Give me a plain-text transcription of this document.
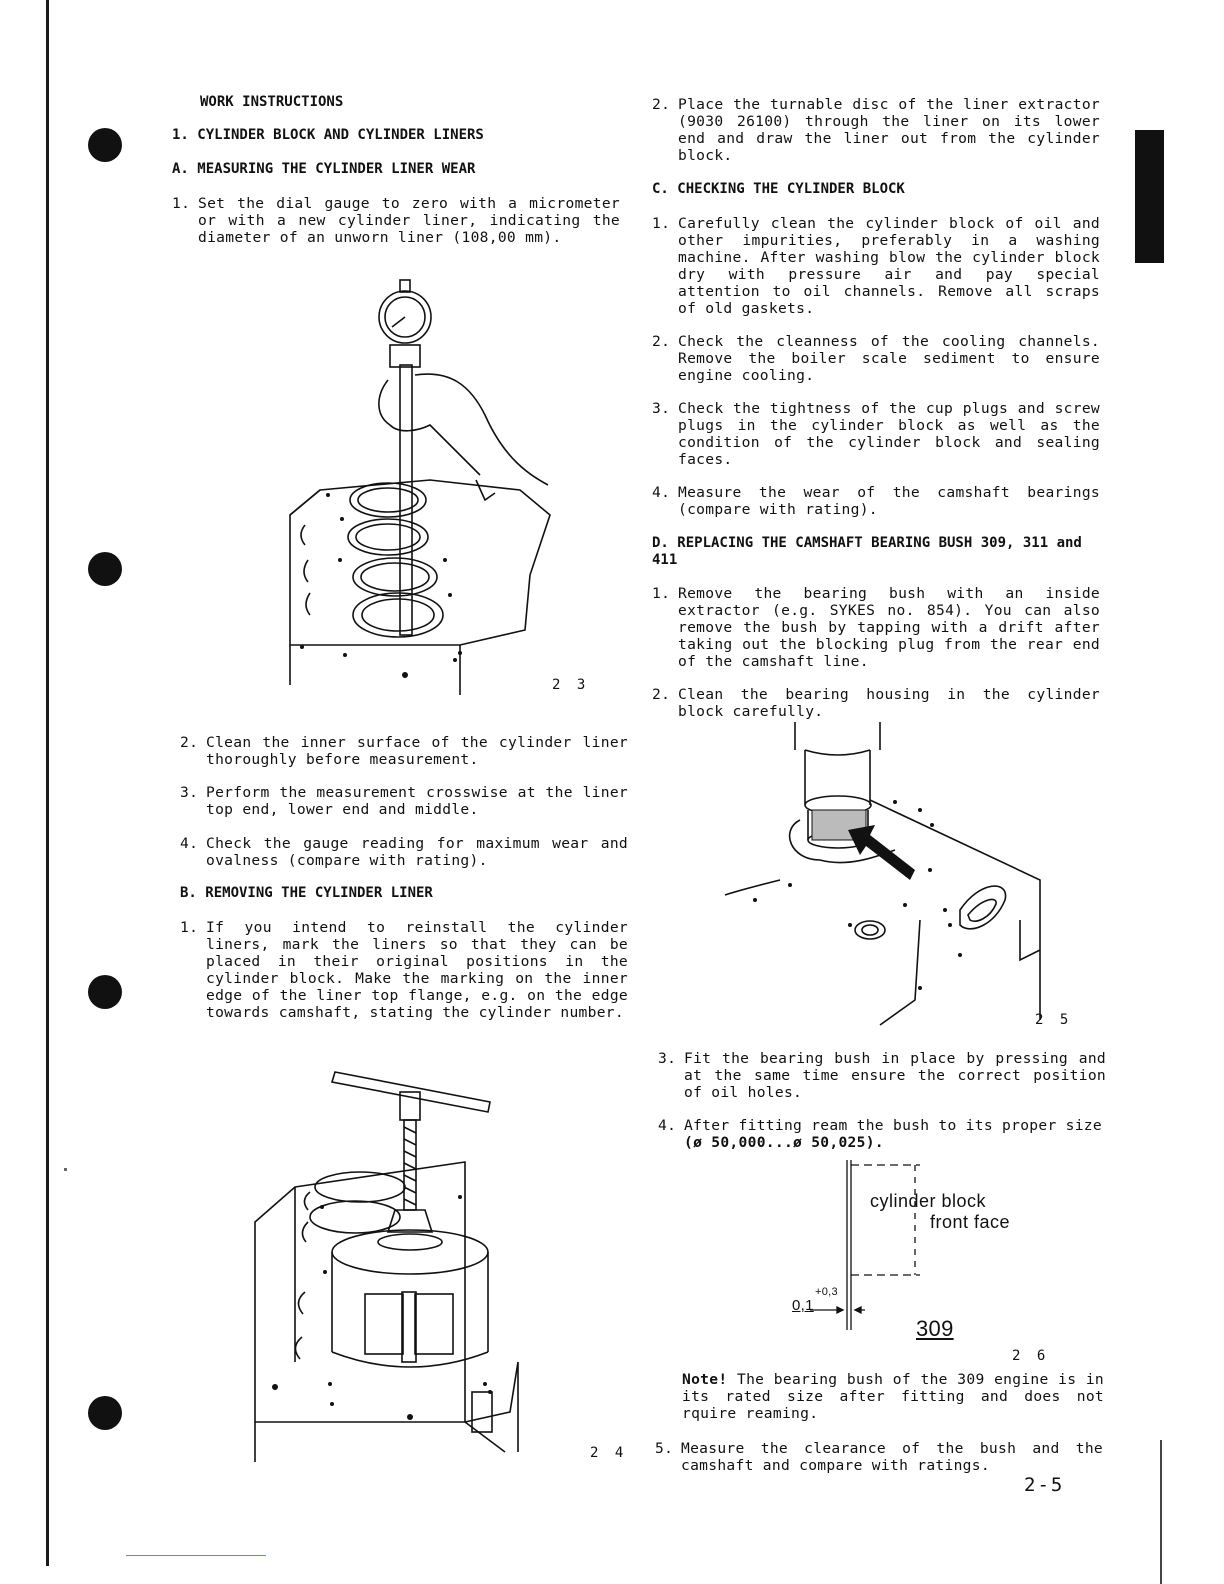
WORK INSTRUCTIONS
1. CYLINDER BLOCK AND CYLINDER LINERS
A. MEASURING THE CYLINDER LINER WEAR
1. Set the dial gauge to zero with a micrometer or with a new cylinder liner, indicating the diameter of an unworn liner (108,00 mm).
2 3
2. Clean the inner surface of the cylinder liner thoroughly before measurement.
3. Perform the measurement crosswise at the liner top end, lower end and middle.
4. Check the gauge reading for maximum wear and ovalness (compare with rating).
B. REMOVING THE CYLINDER LINER
1. If you intend to reinstall the cylinder liners, mark the liners so that they can be placed in their original positions in the cylinder block. Make the marking on the inner edge of the liner top flange, e.g. on the edge towards camshaft, stating the cylinder number.
2 4
2. Place the turnable disc of the liner extractor (9030 26100) through the liner on its lower end and draw the liner out from the cylinder block.
C. CHECKING THE CYLINDER BLOCK
1. Carefully clean the cylinder block of oil and other impurities, preferably in a washing machine. After washing blow the cylinder block dry with pressure air and pay special attention to oil channels. Remove all scraps of old gaskets.
2. Check the cleanness of the cooling channels. Remove the boiler scale sediment to ensure engine cooling.
3. Check the tightness of the cup plugs and screw plugs in the cylinder block as well as the condition of the cylinder block and sealing faces.
4. Measure the wear of the camshaft bearings (compare with rating).
D. REPLACING THE CAMSHAFT BEARING BUSH 309, 311 and 411
1. Remove the bearing bush with an inside extractor (e.g. SYKES no. 854). You can also remove the bush by tapping with a drift after taking out the blocking plug from the rear end of the camshaft line.
2. Clean the bearing housing in the cylinder block carefully.
2 5
3. Fit the bearing bush in place by pressing and at the same time ensure the correct position of oil holes.
4. After fitting ream the bush to its proper size
(ø 50,000...ø 50,025).
cylinder block
front face
0,1
+0,3
309
2 6
Note! The bearing bush of the 309 engine is in its rated size after fitting and does not rquire reaming.
5. Measure the clearance of the bush and the camshaft and compare with ratings.
2-5
